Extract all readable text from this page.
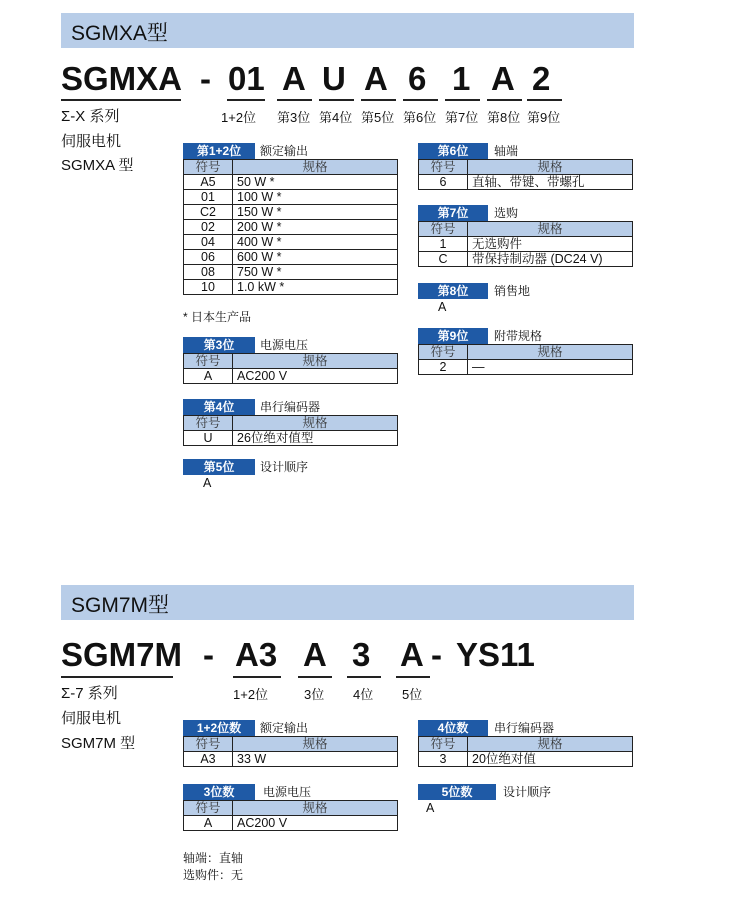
SGMXA型
SGMXA - 01 A U A 6 1 A 2
1+2位 第3位 第4位 第5位 第6位 第7位 第8位 第9位
Σ-X 系列
伺服电机
SGMXA 型
第1+2位	额定输出
符号	规格
A5	50 W *
01	100 W *
C2	150 W *
02	200 W *
04	400 W *
06	600 W *
08	750 W *
10	1.0 kW *
* 日本生产品
第3位	电源电压
符号	规格
A	AC200 V
第4位	串行编码器
符号	规格
U	26位绝对值型
第5位	设计顺序
A
第6位	轴端
符号	规格
6	直轴、带键、带螺孔
第7位	选购
符号	规格
1	无选购件
C	带保持制动器 (DC24 V)
第8位	销售地
A
第9位	附带规格
符号	规格
2	—
SGM7M型
SGM7M - A3 A 3 A - YS11
1+2位	3位 4位 5位
Σ-7 系列
伺服电机
SGM7M 型
1+2位数	额定输出
符号	规格
A3	33 W
3位数	电源电压
符号	规格
A	AC200 V
轴端：直轴
选购件：无
4位数	串行编码器
符号	规格
3	20位绝对值
5位数	设计顺序
A
